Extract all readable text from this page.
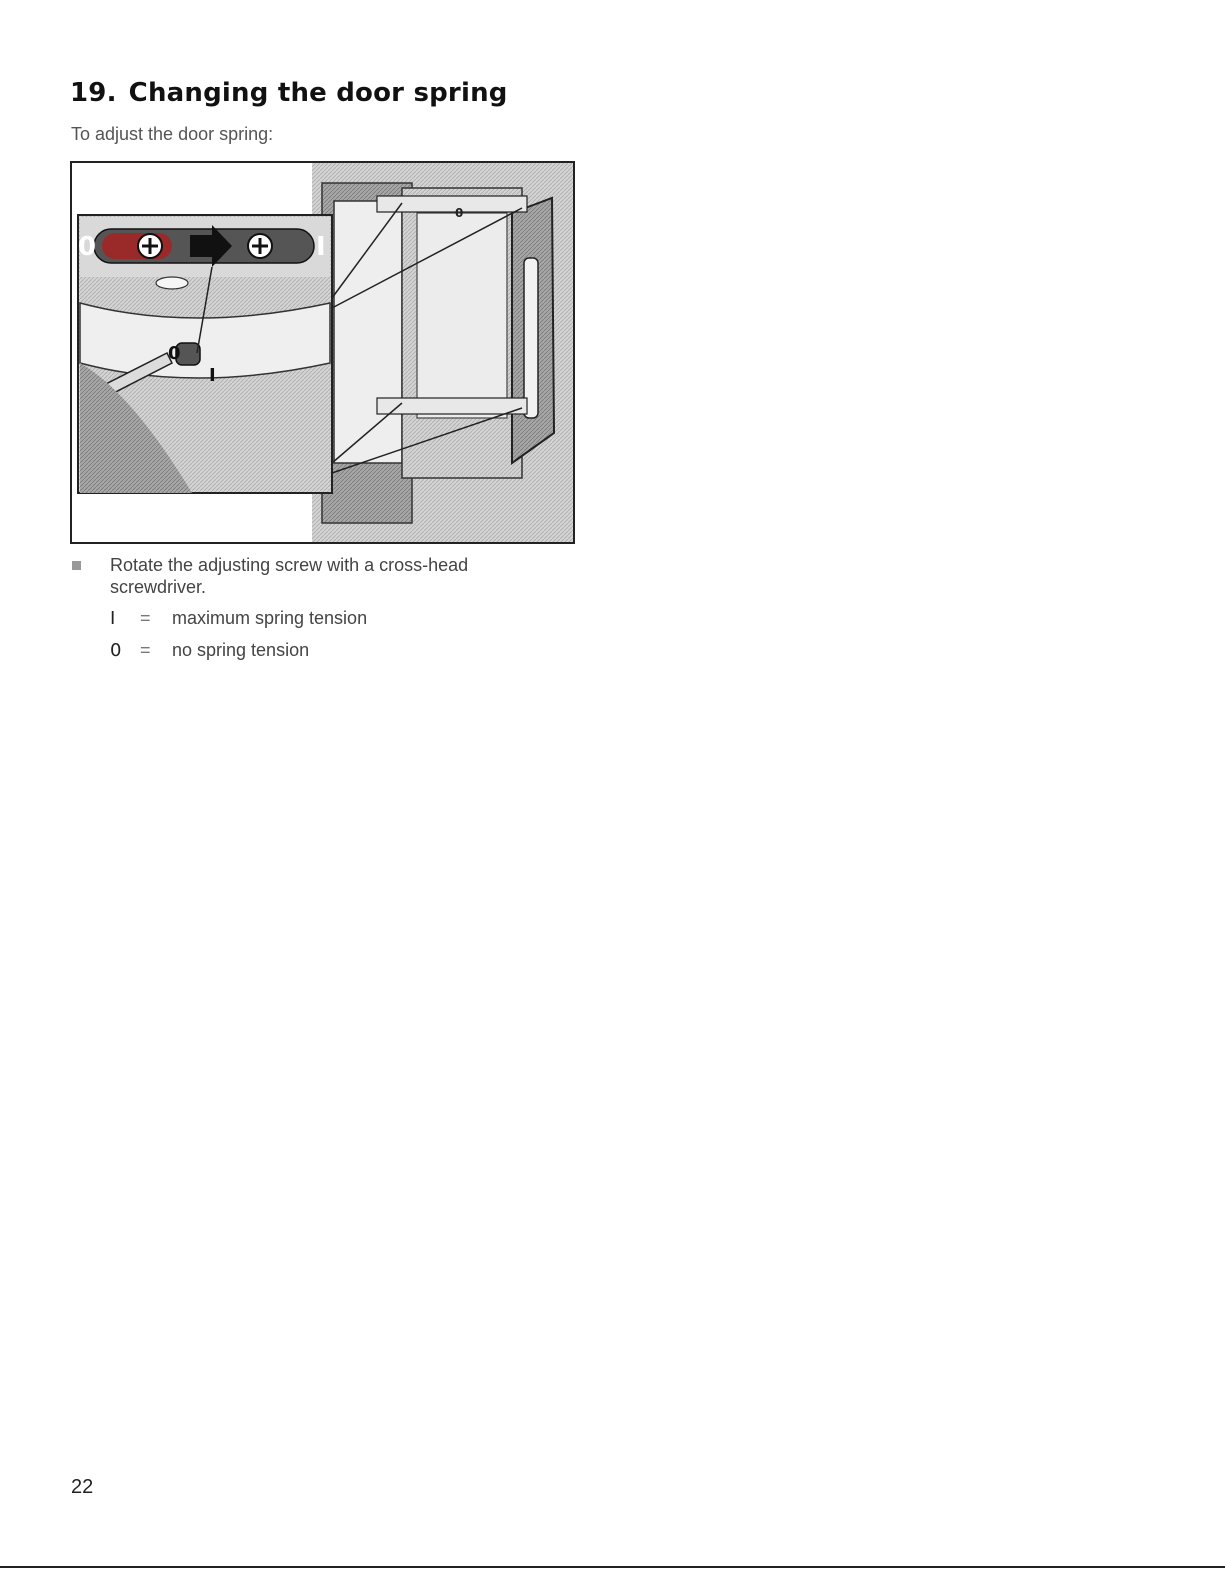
19. Changing the door spring
To adjust the door spring:
0
0	I
0
I
Rotate the adjusting screw with a cross-head screwdriver.
I = maximum spring tension
0 = no spring tension
22
